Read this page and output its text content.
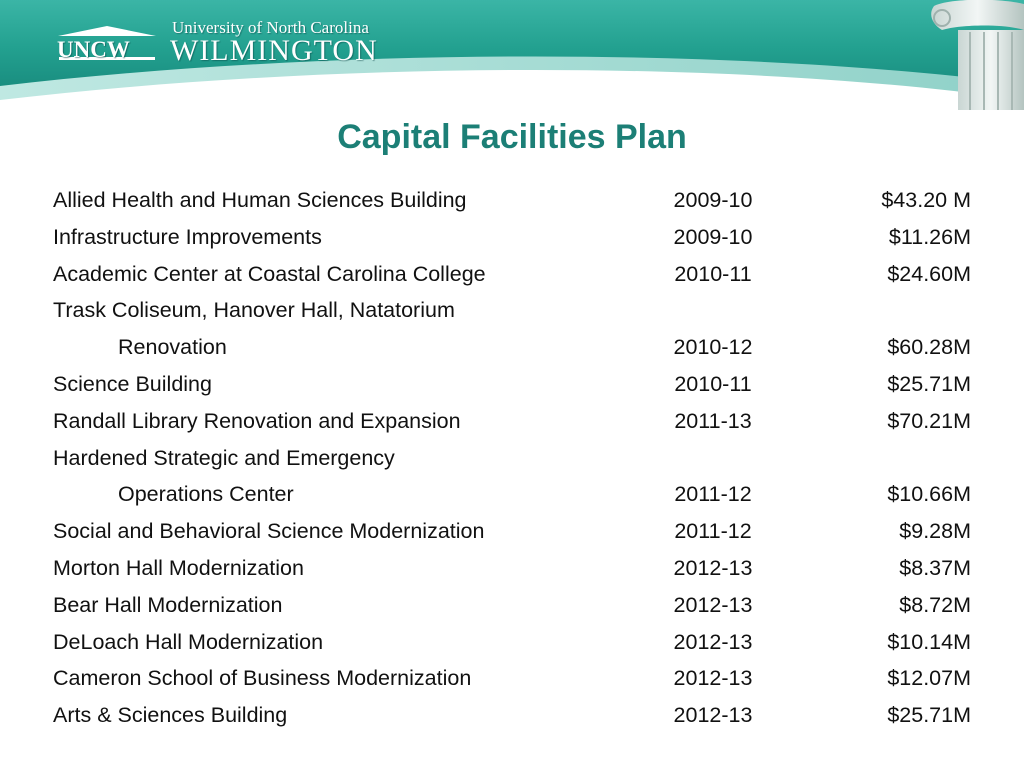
UNCW
University of North Carolina
WILMINGTON
Capital Facilities Plan
Allied Health and Human Sciences Building	2009-10	$43.20 M
Infrastructure Improvements	2009-10	$11.26M
Academic Center at Coastal Carolina College	2010-11	$24.60M
Trask Coliseum, Hanover Hall, Natatorium
Renovation	2010-12	$60.28M
Science Building	2010-11	$25.71M
Randall Library Renovation and Expansion	2011-13	$70.21M
Hardened Strategic and Emergency
Operations Center	2011-12	$10.66M
Social and Behavioral Science Modernization	2011-12	$9.28M
Morton Hall Modernization	2012-13	$8.37M
Bear Hall Modernization	2012-13	$8.72M
DeLoach Hall Modernization	2012-13	$10.14M
Cameron School of Business Modernization	2012-13	$12.07M
Arts & Sciences Building	2012-13	$25.71M
